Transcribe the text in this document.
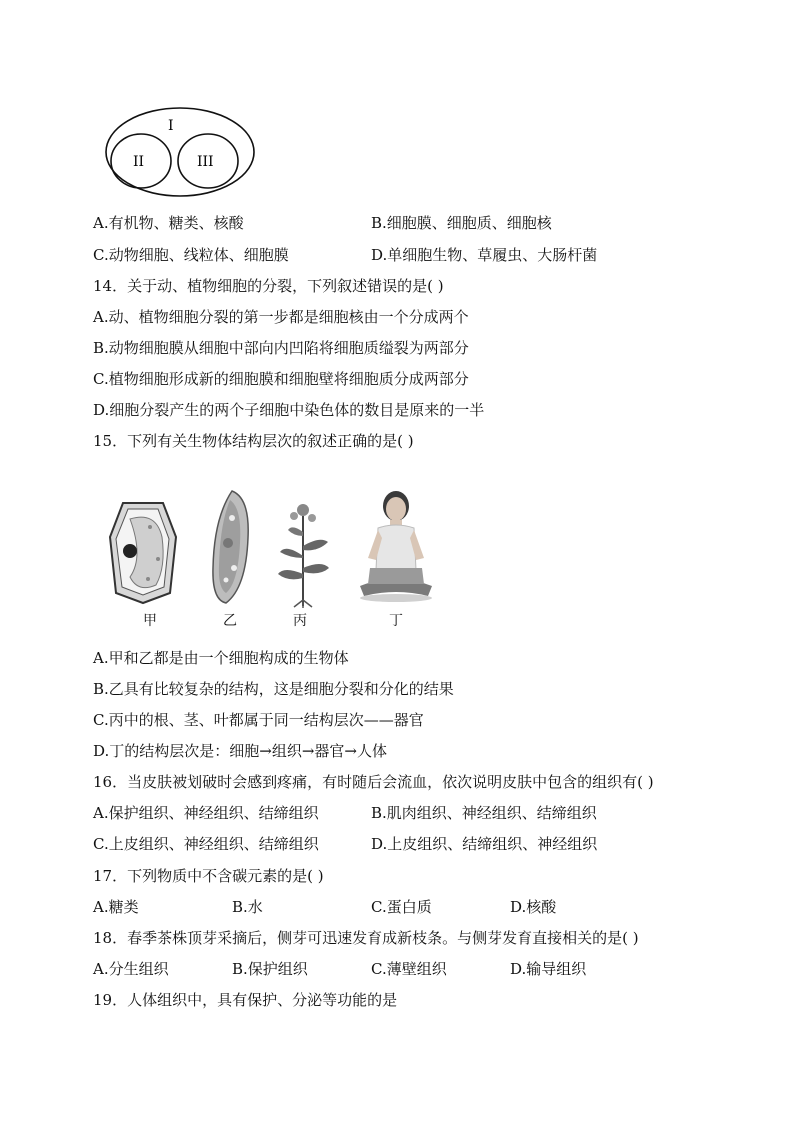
I
II	III
A.有机物、糖类、核酸	B.细胞膜、细胞质、细胞核
C.动物细胞、线粒体、细胞膜	D.单细胞生物、草履虫、大肠杆菌
14．关于动、植物细胞的分裂，下列叙述错误的是( )
A.动、植物细胞分裂的第一步都是细胞核由一个分成两个
B.动物细胞膜从细胞中部向内凹陷将细胞质缢裂为两部分
C.植物细胞形成新的细胞膜和细胞壁将细胞质分成两部分
D.细胞分裂产生的两个子细胞中染色体的数目是原来的一半
15．下列有关生物体结构层次的叙述正确的是( )
甲	乙	丙	丁
A.甲和乙都是由一个细胞构成的生物体
B.乙具有比较复杂的结构，这是细胞分裂和分化的结果
C.丙中的根、茎、叶都属于同一结构层次——器官
D.丁的结构层次是：细胞→组织→器官→人体
16．当皮肤被划破时会感到疼痛，有时随后会流血，依次说明皮肤中包含的组织有( )
A.保护组织、神经组织、结缔组织	B.肌肉组织、神经组织、结缔组织
C.上皮组织、神经组织、结缔组织	D.上皮组织、结缔组织、神经组织
17．下列物质中不含碳元素的是( )
A.糖类	B.水	C.蛋白质	D.核酸
18．春季茶株顶芽采摘后，侧芽可迅速发育成新枝条。与侧芽发育直接相关的是( )
A.分生组织	B.保护组织	C.薄壁组织	D.输导组织
19．人体组织中，具有保护、分泌等功能的是
